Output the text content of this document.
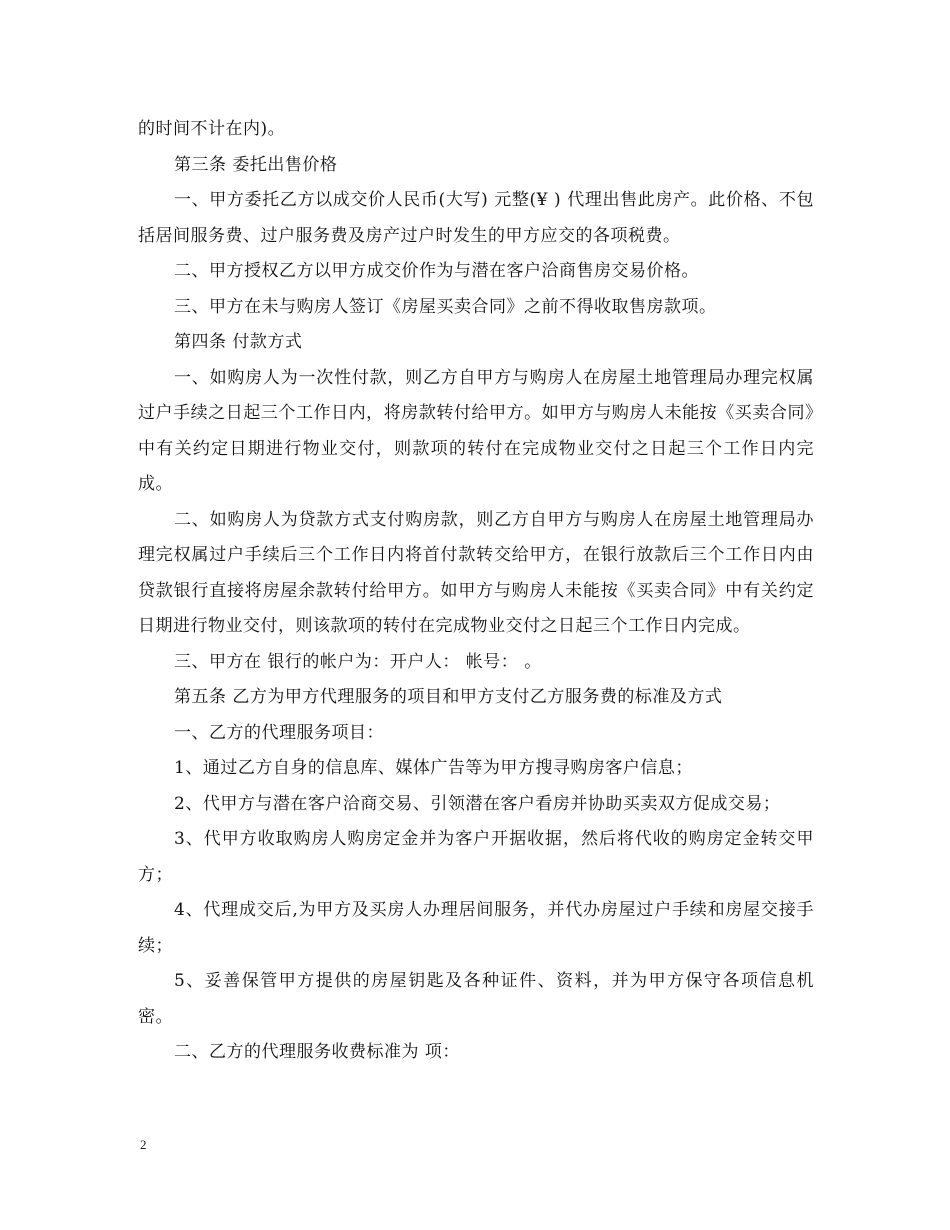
的时间不计在内)。

第三条 委托出售价格

一、甲方委托乙方以成交价人民币(大写) 元整(¥ ) 代理出售此房产。此价格、不包括居间服务费、过户服务费及房产过户时发生的甲方应交的各项税费。

二、甲方授权乙方以甲方成交价作为与潜在客户洽商售房交易价格。

三、甲方在未与购房人签订《房屋买卖合同》之前不得收取售房款项。

第四条 付款方式

一、如购房人为一次性付款，则乙方自甲方与购房人在房屋土地管理局办理完权属过户手续之日起三个工作日内，将房款转付给甲方。如甲方与购房人未能按《买卖合同》中有关约定日期进行物业交付，则款项的转付在完成物业交付之日起三个工作日内完成。

二、如购房人为贷款方式支付购房款，则乙方自甲方与购房人在房屋土地管理局办理完权属过户手续后三个工作日内将首付款转交给甲方，在银行放款后三个工作日内由贷款银行直接将房屋余款转付给甲方。如甲方与购房人未能按《买卖合同》中有关约定日期进行物业交付，则该款项的转付在完成物业交付之日起三个工作日内完成。

三、甲方在 银行的帐户为：开户人： 帐号： 。

第五条 乙方为甲方代理服务的项目和甲方支付乙方服务费的标准及方式

一、乙方的代理服务项目：

1、通过乙方自身的信息库、媒体广告等为甲方搜寻购房客户信息；

2、代甲方与潜在客户洽商交易、引领潜在客户看房并协助买卖双方促成交易；

3、代甲方收取购房人购房定金并为客户开据收据，然后将代收的购房定金转交甲方；

4、代理成交后,为甲方及买房人办理居间服务，并代办房屋过户手续和房屋交接手续；

5、妥善保管甲方提供的房屋钥匙及各种证件、资料，并为甲方保守各项信息机密。

二、乙方的代理服务收费标准为 项：

2
